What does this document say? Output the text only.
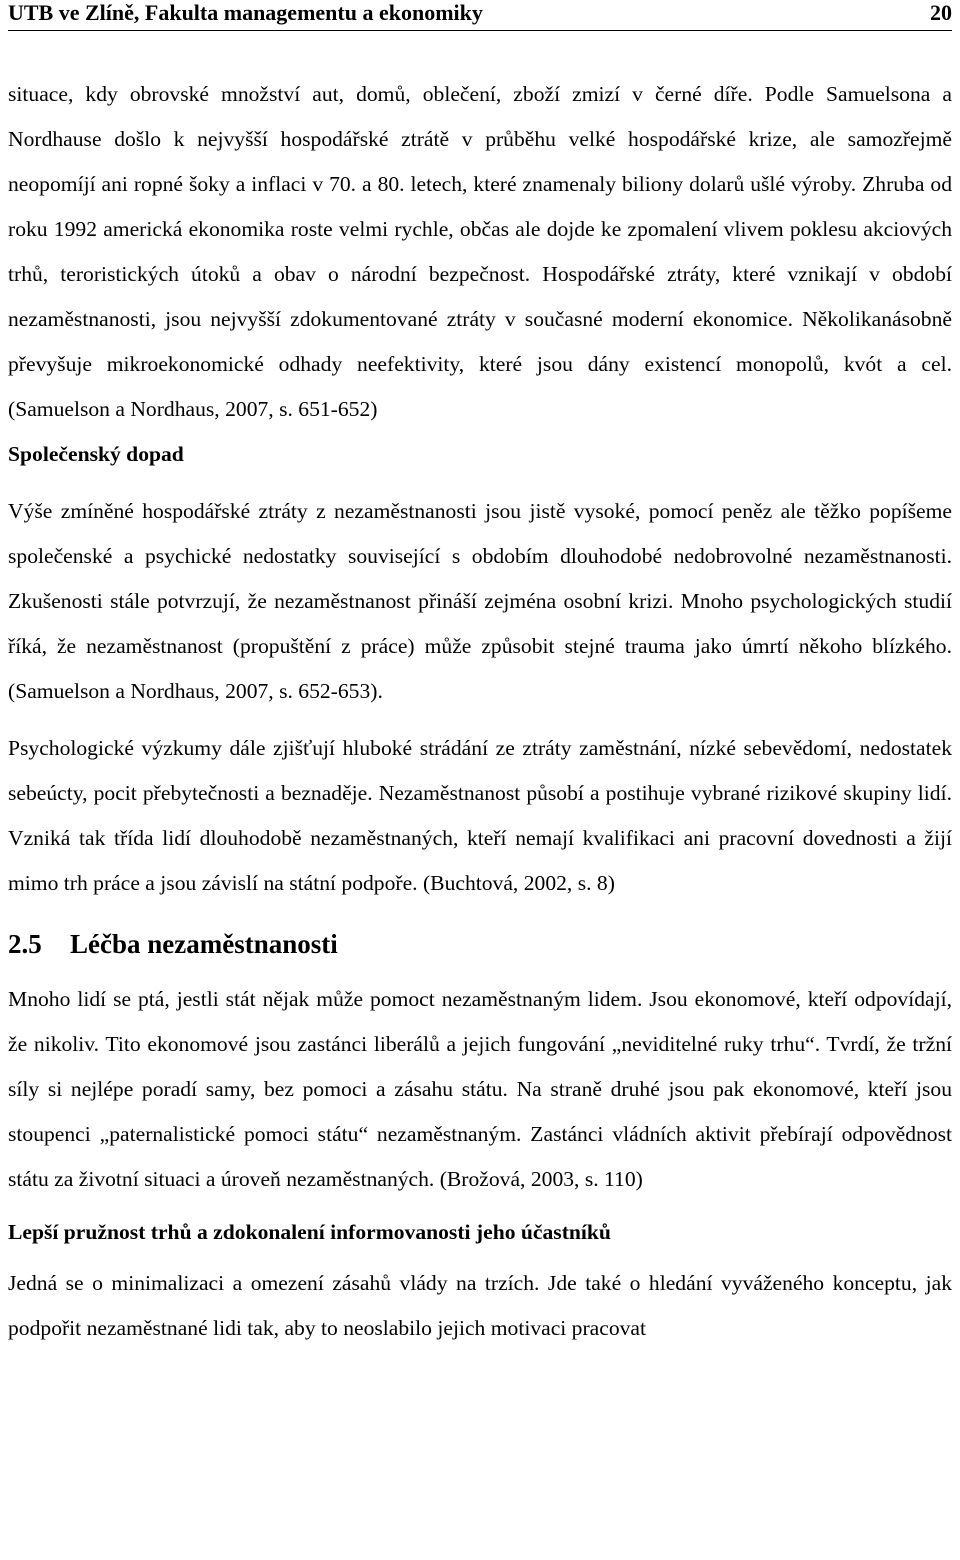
UTB ve Zlíně, Fakulta managementu a ekonomiky	20

situace, kdy obrovské množství aut, domů, oblečení, zboží zmizí v černé díře. Podle Samuelsona a Nordhause došlo k nejvyšší hospodářské ztrátě v průběhu velké hospodářské krize, ale samozřejmě neopomíjí ani ropné šoky a inflaci v 70. a 80. letech, které znamenaly biliony dolarů ušlé výroby. Zhruba od roku 1992 americká ekonomika roste velmi rychle, občas ale dojde ke zpomalení vlivem poklesu akciových trhů, teroristických útoků a obav o národní bezpečnost. Hospodářské ztráty, které vznikají v období nezaměstnanosti, jsou nejvyšší zdokumentované ztráty v současné moderní ekonomice. Několikanásobně převyšuje mikroekonomické odhady neefektivity, které jsou dány existencí monopolů, kvót a cel. (Samuelson a Nordhaus, 2007, s. 651-652)

Společenský dopad

Výše zmíněné hospodářské ztráty z nezaměstnanosti jsou jistě vysoké, pomocí peněz ale těžko popíšeme společenské a psychické nedostatky související s obdobím dlouhodobé nedobrovolné nezaměstnanosti. Zkušenosti stále potvrzují, že nezaměstnanost přináší zejména osobní krizi. Mnoho psychologických studií říká, že nezaměstnanost (propuštění z práce) může způsobit stejné trauma jako úmrtí někoho blízkého. (Samuelson a Nordhaus, 2007, s. 652-653).

Psychologické výzkumy dále zjišťují hluboké strádání ze ztráty zaměstnání, nízké sebevědomí, nedostatek sebeúcty, pocit přebytečnosti a beznaděje. Nezaměstnanost působí a postihuje vybrané rizikové skupiny lidí. Vzniká tak třída lidí dlouhodobě nezaměstnaných, kteří nemají kvalifikaci ani pracovní dovednosti a žijí mimo trh práce a jsou závislí na státní podpoře. (Buchtová, 2002, s. 8)

2.5	Léčba nezaměstnanosti

Mnoho lidí se ptá, jestli stát nějak může pomoct nezaměstnaným lidem. Jsou ekonomové, kteří odpovídají, že nikoliv. Tito ekonomové jsou zastánci liberálů a jejich fungování „neviditelné ruky trhu“. Tvrdí, že tržní síly si nejlépe poradí samy, bez pomoci a zásahu státu. Na straně druhé jsou pak ekonomové, kteří jsou stoupenci „paternalistické pomoci státu“ nezaměstnaným. Zastánci vládních aktivit přebírají odpovědnost státu za životní situaci a úroveň nezaměstnaných. (Brožová, 2003, s. 110)

Lepší pružnost trhů a zdokonalení informovanosti jeho účastníků

Jedná se o minimalizaci a omezení zásahů vlády na trzích. Jde také o hledání vyváženého konceptu, jak podpořit nezaměstnané lidi tak, aby to neoslabilo jejich motivaci pracovat
